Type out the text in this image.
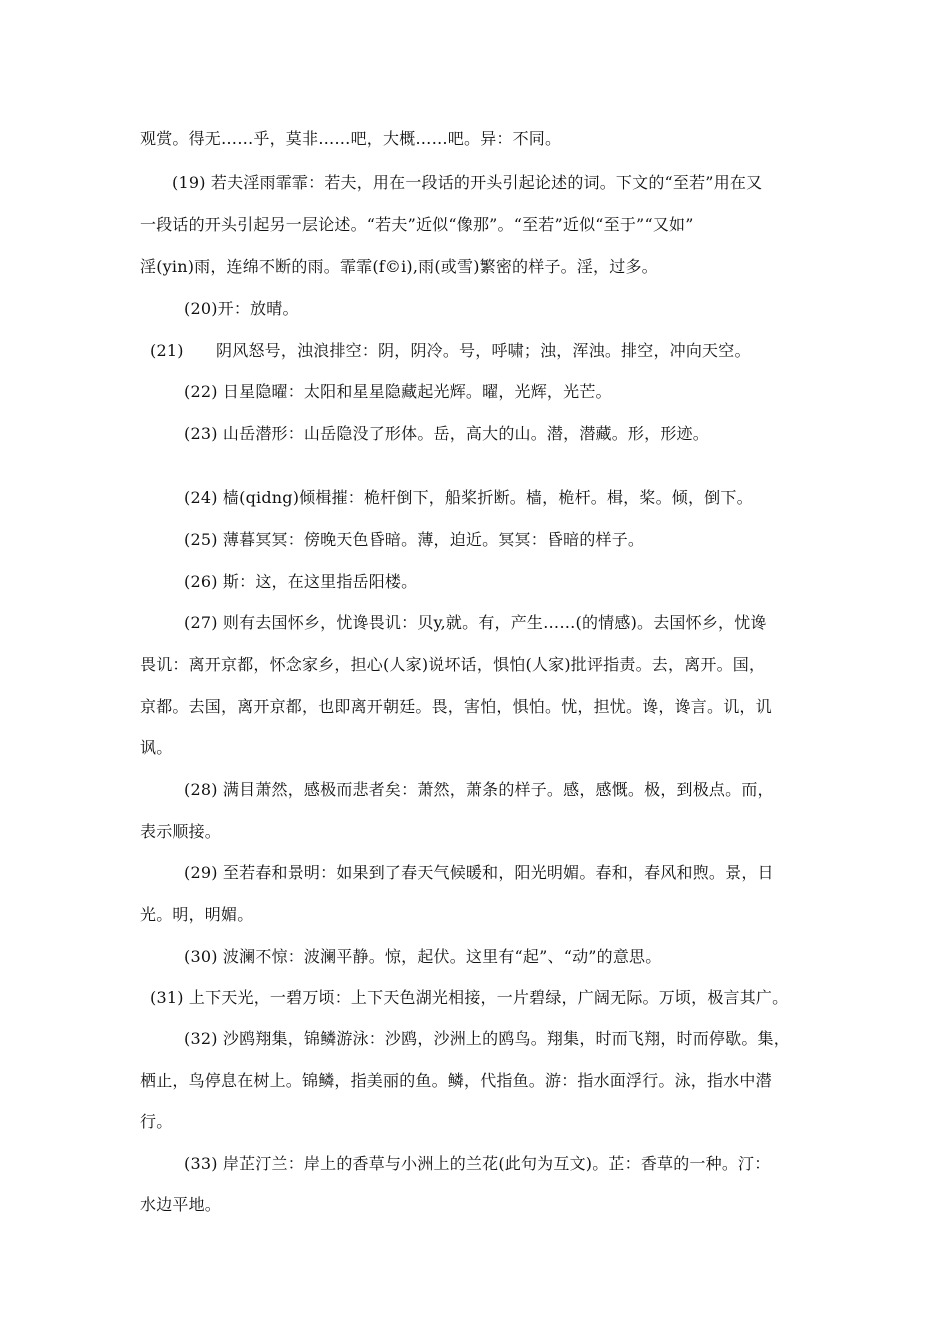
观赏。得无……乎，莫非……吧，大概……吧。异：不同。
(19) 若夫淫雨霏霏：若夫，用在一段话的开头引起论述的词。下文的“至若”用在又
一段话的开头引起另一层论述。“若夫”近似“像那”。“至若”近似“至于”“又如”
淫(yin)雨，连绵不断的雨。霏霏(f©i),雨(或雪)繁密的样子。淫，过多。
(20)开：放晴。
(21)　　阴风怒号，浊浪排空：阴，阴冷。号，呼啸；浊，浑浊。排空，冲向天空。
(22) 日星隐曜：太阳和星星隐藏起光辉。曜，光辉，光芒。
(23) 山岳潜形：山岳隐没了形体。岳，高大的山。潜，潜藏。形，形迹。
(24) 樯(qidng)倾楫摧：桅杆倒下，船桨折断。樯，桅杆。楫，桨。倾，倒下。
(25) 薄暮冥冥：傍晚天色昏暗。薄，迫近。冥冥：昏暗的样子。
(26) 斯：这，在这里指岳阳楼。
(27) 则有去国怀乡，忧谗畏讥：贝y,就。有，产生……(的情感)。去国怀乡，忧谗
畏讥：离开京都，怀念家乡，担心(人家)说坏话，惧怕(人家)批评指责。去，离开。国，
京都。去国，离开京都，也即离开朝廷。畏，害怕，惧怕。忧，担忧。谗，谗言。讥，讥
讽。
(28) 满目萧然，感极而悲者矣：萧然，萧条的样子。感，感慨。极，到极点。而，
表示顺接。
(29) 至若春和景明：如果到了春天气候暖和，阳光明媚。春和，春风和煦。景，日
光。明，明媚。
(30) 波澜不惊：波澜平静。惊，起伏。这里有“起”、“动”的意思。
(31) 上下天光，一碧万顷：上下天色湖光相接，一片碧绿，广阔无际。万顷，极言其广。
(32) 沙鸥翔集，锦鳞游泳：沙鸥，沙洲上的鸥鸟。翔集，时而飞翔，时而停歇。集，
栖止，鸟停息在树上。锦鳞，指美丽的鱼。鳞，代指鱼。游：指水面浮行。泳，指水中潜
行。
(33) 岸芷汀兰：岸上的香草与小洲上的兰花(此句为互文)。芷：香草的一种。汀：
水边平地。
